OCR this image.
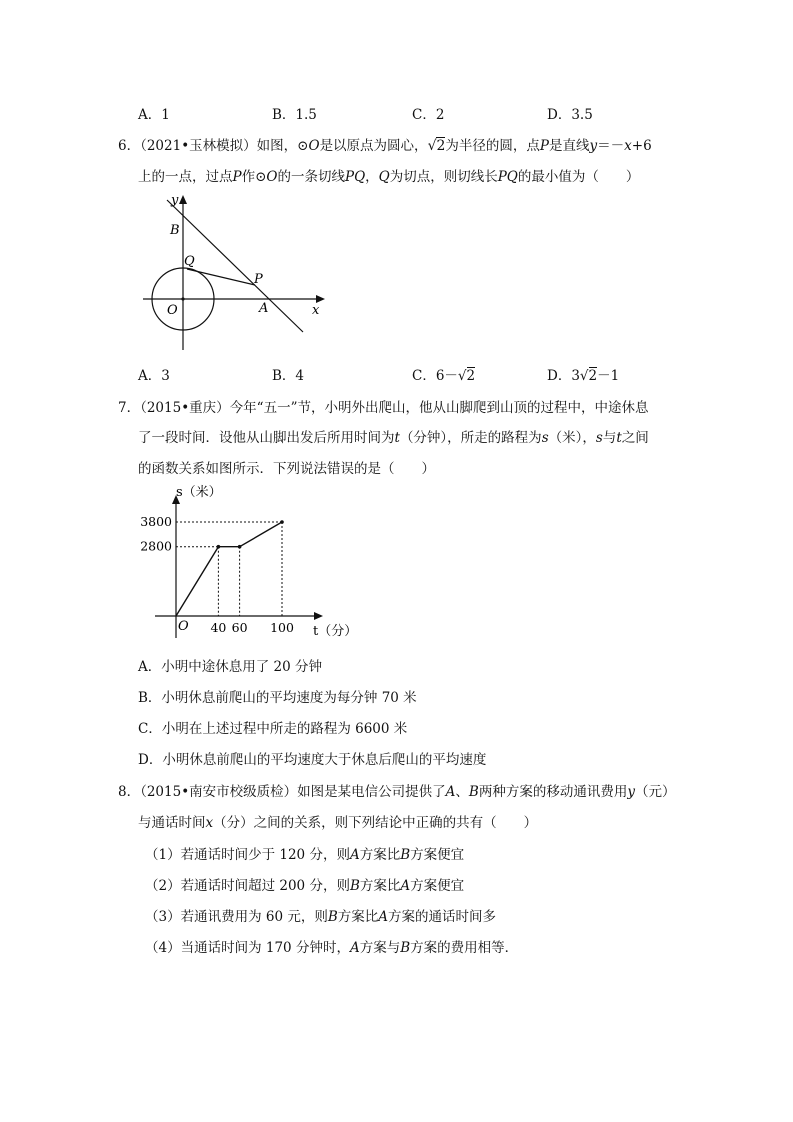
A．1	B．1.5	C．2	D．3.5
6．（2021•玉林模拟）如图，⊙O是以原点为圆心，√2为半径的圆，点P是直线y＝－x+6
上的一点，过点P作⊙O的一条切线PQ，Q为切点，则切线长PQ的最小值为（　　）
y
x
B
Q
P
O	A
A．3	B．4	C．6－√2	D．3√2－1
7．（2015•重庆）今年“五一”节，小明外出爬山，他从山脚爬到山顶的过程中，中途休息
了一段时间．设他从山脚出发后所用时间为t（分钟），所走的路程为s（米），s与t之间
的函数关系如图所示．下列说法错误的是（　　）
s（米）
t（分）
O 40 60 100
3800
2800
A．小明中途休息用了 20 分钟
B．小明休息前爬山的平均速度为每分钟 70 米
C．小明在上述过程中所走的路程为 6600 米
D．小明休息前爬山的平均速度大于休息后爬山的平均速度
8．（2015•南安市校级质检）如图是某电信公司提供了A、B两种方案的移动通讯费用y（元）
与通话时间x（分）之间的关系，则下列结论中正确的共有（　　）
（1）若通话时间少于 120 分，则A方案比B方案便宜
（2）若通话时间超过 200 分，则B方案比A方案便宜
（3）若通讯费用为 60 元，则B方案比A方案的通话时间多
（4）当通话时间为 170 分钟时，A方案与B方案的费用相等．
